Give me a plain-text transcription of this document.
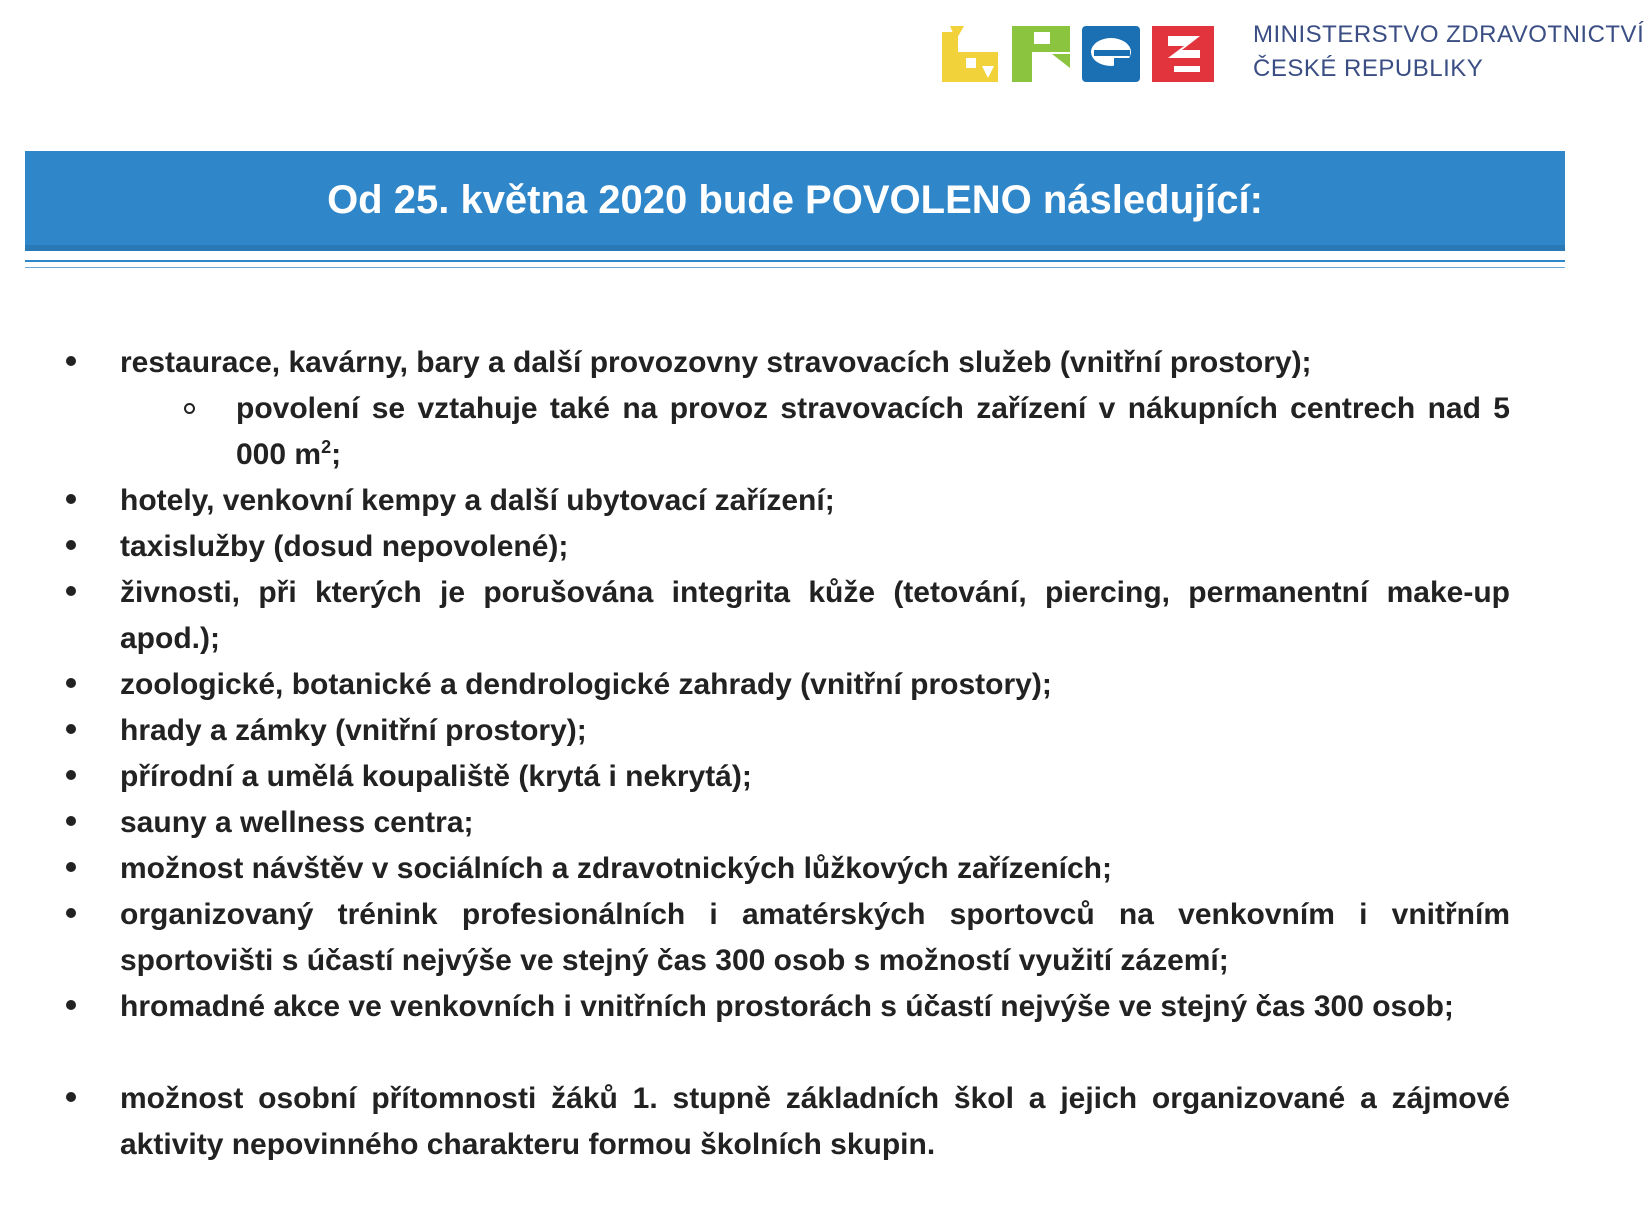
MINISTERSTVO ZDRAVOTNICTVÍ
ČESKÉ REPUBLIKY
Od 25. května 2020 bude POVOLENO následující:
restaurace, kavárny, bary a další provozovny stravovacích služeb (vnitřní prostory);
povolení se vztahuje také na provoz stravovacích zařízení v nákupních centrech nad 5 000 $m^2$;
hotely, venkovní kempy a další ubytovací zařízení;
taxislužby (dosud nepovolené);
živnosti, při kterých je porušována integrita kůže (tetování, piercing, permanentní make-up apod.);
zoologické, botanické a dendrologické zahrady (vnitřní prostory);
hrady a zámky (vnitřní prostory);
přírodní a umělá koupaliště (krytá i nekrytá);
sauny a wellness centra;
možnost návštěv v sociálních a zdravotnických lůžkových zařízeních;
organizovaný trénink profesionálních i amatérských sportovců na venkovním i vnitřním sportovišti s účastí nejvýše ve stejný čas 300 osob s možností využití zázemí;
hromadné akce ve venkovních i vnitřních prostorách s účastí nejvýše ve stejný čas 300 osob;
možnost osobní přítomnosti žáků 1. stupně základních škol a jejich organizované a zájmové aktivity nepovinného charakteru formou školních skupin.
